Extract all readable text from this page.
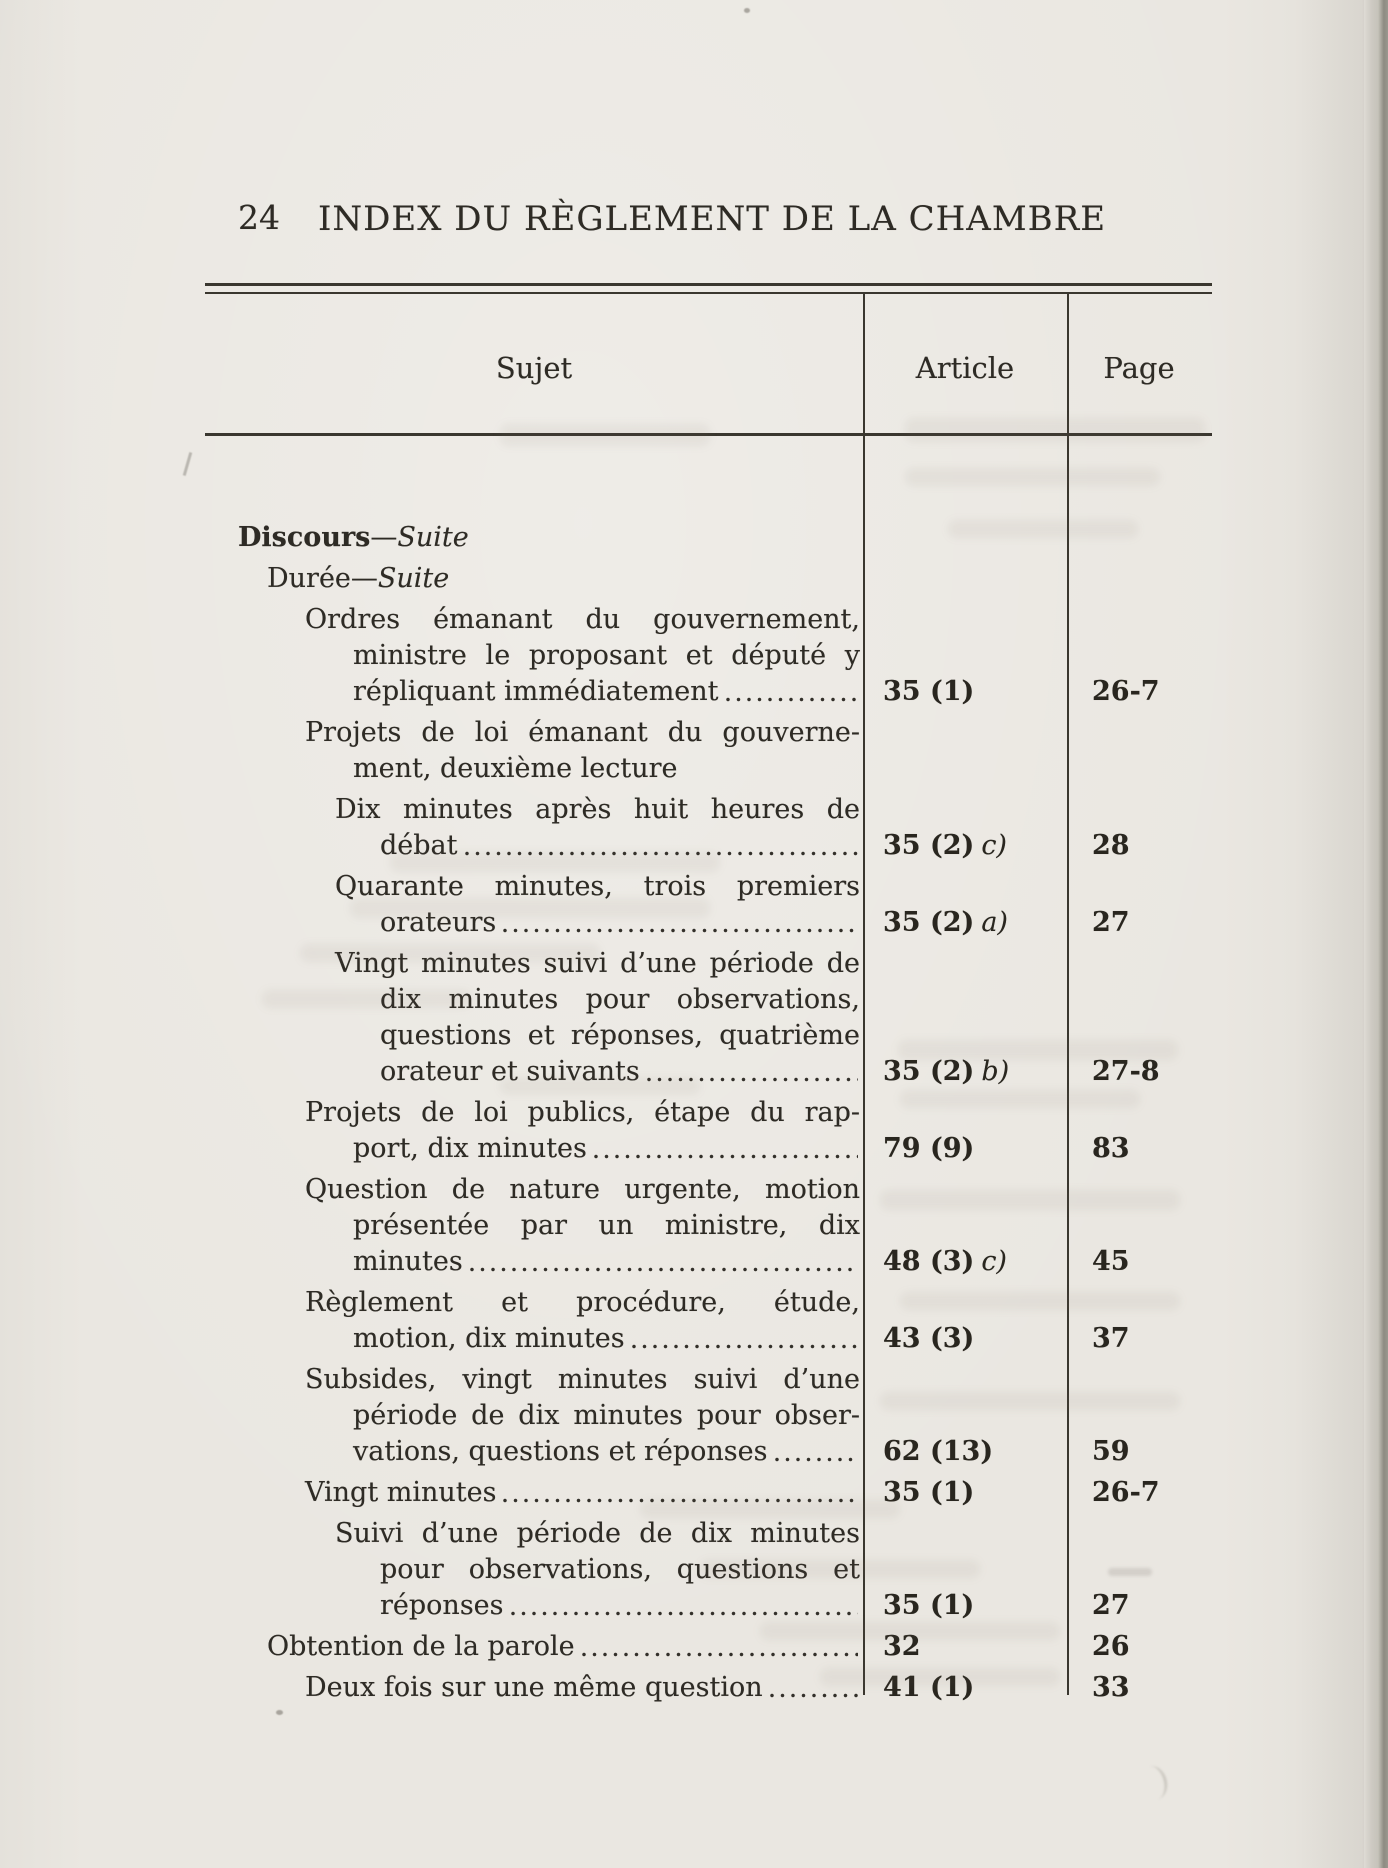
24 INDEX DU RÈGLEMENT DE LA CHAMBRE
Sujet	Article	Page
Discours—Suite
Durée—Suite
Ordres émanant du gouvernement,
ministre le proposant et député y
répliquant immédiatement	35 (1)	26-7
Projets de loi émanant du gouverne-
ment, deuxième lecture
Dix minutes après huit heures de
débat	35 (2) c)	28
Quarante minutes, trois premiers
orateurs	35 (2) a)	27
Vingt minutes suivi d’une période de
dix minutes pour observations,
questions et réponses, quatrième
orateur et suivants	35 (2) b)	27-8
Projets de loi publics, étape du rap-
port, dix minutes	79 (9)	83
Question de nature urgente, motion
présentée par un ministre, dix
minutes	48 (3) c)	45
Règlement et procédure, étude,
motion, dix minutes	43 (3)	37
Subsides, vingt minutes suivi d’une
période de dix minutes pour obser-
vations, questions et réponses	62 (13)	59
Vingt minutes	35 (1)	26-7
Suivi d’une période de dix minutes
pour observations, questions et
réponses	35 (1)	27
Obtention de la parole	32	26
Deux fois sur une même question	41 (1)	33
